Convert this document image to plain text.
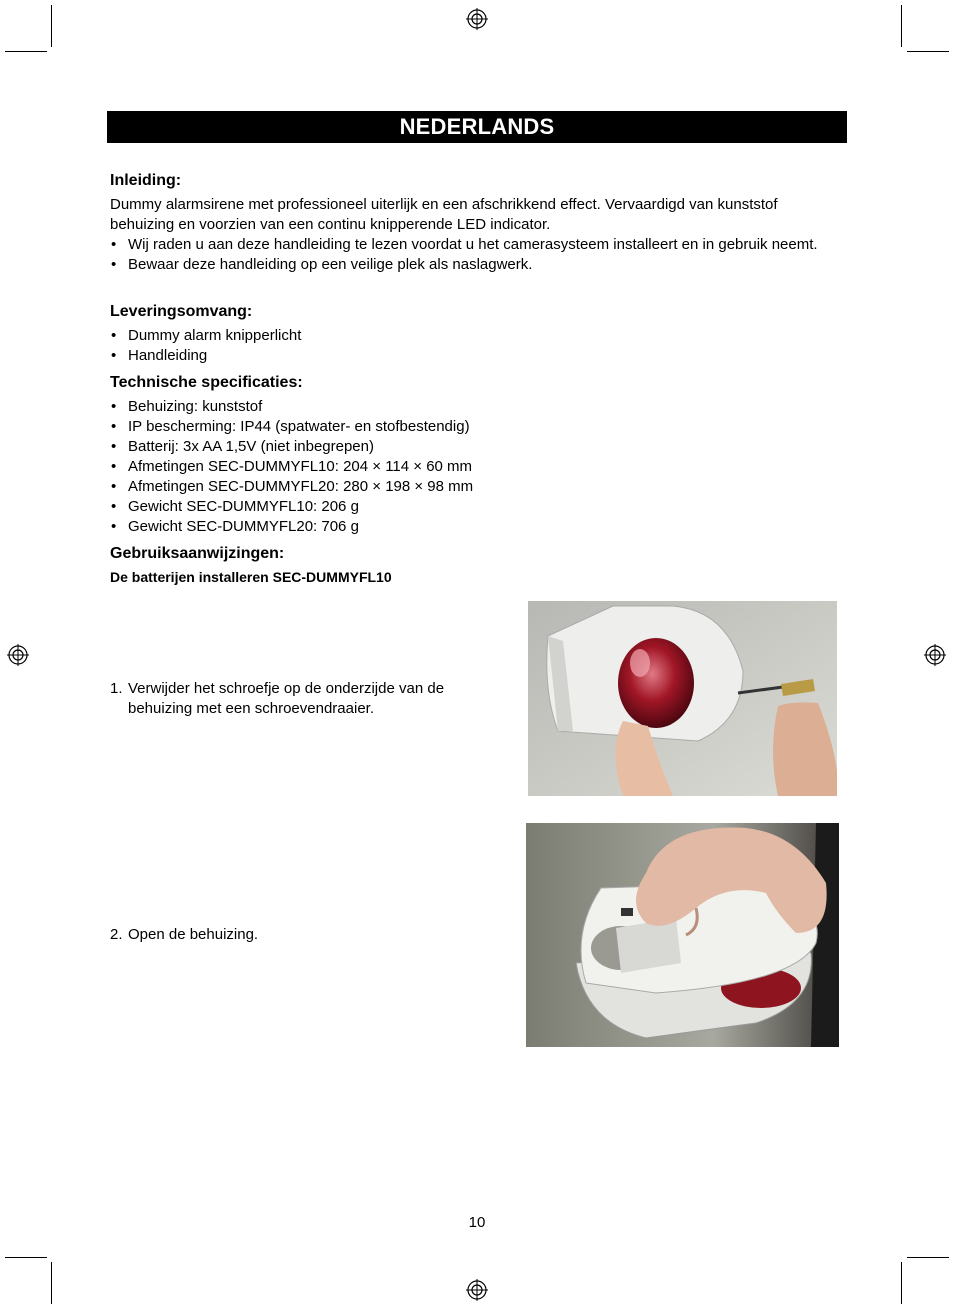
NEDERLANDS
Inleiding:

Dummy alarmsirene met professioneel uiterlijk en een afschrikkend effect. Vervaardigd van kunststof behuizing en voorzien van een continu knipperende LED indicator.

• Wij raden u aan deze handleiding te lezen voordat u het camerasysteem installeert en in gebruik neemt.
• Bewaar deze handleiding op een veilige plek als naslagwerk.
Leveringsomvang:
• Dummy alarm knipperlicht
• Handleiding
Technische specificaties:
• Behuizing: kunststof
• IP bescherming: IP44 (spatwater- en stofbestendig)
• Batterij: 3x AA 1,5V (niet inbegrepen)
• Afmetingen SEC-DUMMYFL10: 204 × 114 × 60 mm
• Afmetingen SEC-DUMMYFL20: 280 × 198 × 98 mm
• Gewicht SEC-DUMMYFL10: 206 g
• Gewicht SEC-DUMMYFL20: 706 g
Gebruiksaanwijzingen:
De batterijen installeren SEC-DUMMYFL10
1. Verwijder het schroefje op de onderzijde van de behuizing met een schroevendraaier.
2. Open de behuizing.
10
